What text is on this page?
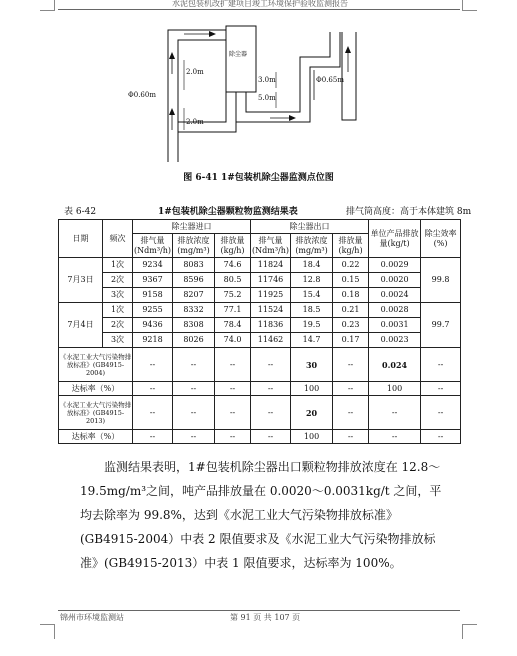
水泥包装机改扩建项目竣工环境保护验收监测报告
Φ0.60m
Φ0.65m
2.0m
2.0m
3.0m
5.0m
除尘器
图 6-41 1#包装机除尘器监测点位图
表 6-42	1#包装机除尘器颗粒物监测结果表	排气筒高度：高于本体建筑 8m
日期	频次	除尘器进口			除尘器出口			单位产品排放量(kg/t)	除尘效率 (%)
		排气量 (Ndm³/h)	排放浓度 (mg/m³)	排放量 (kg/h)	排气量 (Ndm³/h)	排放浓度 (mg/m³)	排放量 (kg/h)		
7月3日	1次	9234	8083	74.6	11824	18.4	0.22	0.0029	99.8
	2次	9367	8596	80.5	11746	12.8	0.15	0.0020	
	3次	9158	8207	75.2	11925	15.4	0.18	0.0024	
7月4日	1次	9255	8332	77.1	11524	18.5	0.21	0.0028	99.7
	2次	9436	8308	78.4	11836	19.5	0.23	0.0031	
	3次	9218	8026	74.0	11462	14.7	0.17	0.0023	
《水泥工业大气污染物排放标准》(GB4915-2004)		--	--	--	--	30	--	0.024	--
达标率（%）		--	--	--	--	100	--	100	--
《水泥工业大气污染物排放标准》(GB4915-2013)		--	--	--	--	20	--	--	--
达标率（%）		--	--	--	--	100	--	--	--

监测结果表明，1#包装机除尘器出口颗粒物排放浓度在 12.8～19.5mg/m³之间，吨产品排放量在 0.0020～0.0031kg/t 之间，平均去除率为 99.8%，达到《水泥工业大气污染物排放标准》(GB4915-2004）中表 2 限值要求及《水泥工业大气污染物排放标准》(GB4915-2013）中表 1 限值要求，达标率为 100%。

锦州市环境监测站	第 91 页 共 107 页
